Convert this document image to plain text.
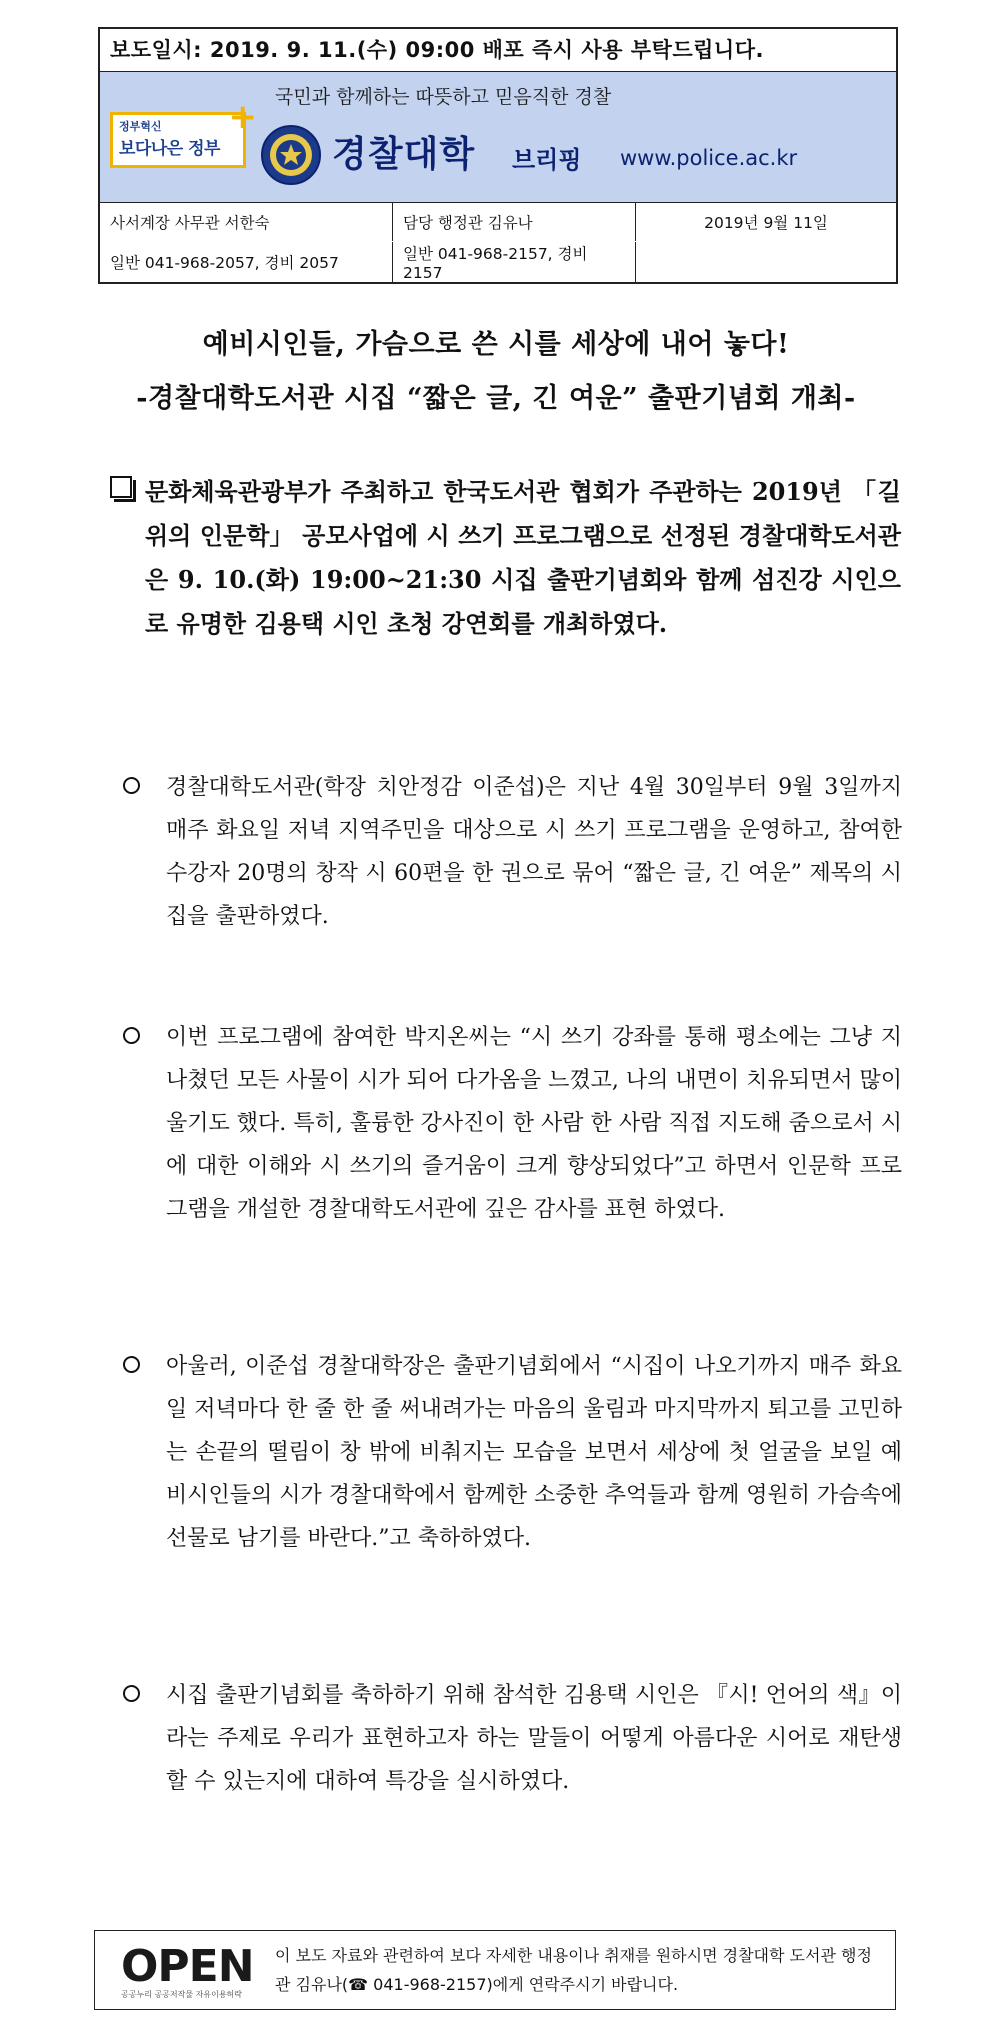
보도일시: 2019. 9. 11.(수) 09:00 배포 즉시 사용 부탁드립니다.
정부혁신
보다나은 정부
+ 국민과 함께하는 따뜻하고 믿음직한 경찰
경찰대학 브리핑 www.police.ac.kr
사서계장 사무관 서한숙	담당 행정관 김유나	2019년 9월 11일
일반 041-968-2057, 경비 2057	일반 041-968-2157, 경비 2157	
예비시인들, 가슴으로 쓴 시를 세상에 내어 놓다!
-경찰대학도서관 시집 “짧은 글, 긴 여운” 출판기념회 개최-
문화체육관광부가 주최하고 한국도서관 협회가 주관하는 2019년 「길 위의 인문학」 공모사업에 시 쓰기 프로그램으로 선정된 경찰대학도서관은 9. 10.(화) 19:00~21:30 시집 출판기념회와 함께 섬진강 시인으로 유명한 김용택 시인 초청 강연회를 개최하였다.
경찰대학도서관(학장 치안정감 이준섭)은 지난 4월 30일부터 9월 3일까지 매주 화요일 저녁 지역주민을 대상으로 시 쓰기 프로그램을 운영하고, 참여한 수강자 20명의 창작 시 60편을 한 권으로 묶어 “짧은 글, 긴 여운” 제목의 시집을 출판하였다.
이번 프로그램에 참여한 박지온씨는 “시 쓰기 강좌를 통해 평소에는 그냥 지나쳤던 모든 사물이 시가 되어 다가옴을 느꼈고, 나의 내면이 치유되면서 많이 울기도 했다. 특히, 훌륭한 강사진이 한 사람 한 사람 직접 지도해 줌으로서 시에 대한 이해와 시 쓰기의 즐거움이 크게 향상되었다”고 하면서 인문학 프로그램을 개설한 경찰대학도서관에 깊은 감사를 표현 하였다.
아울러, 이준섭 경찰대학장은 출판기념회에서 “시집이 나오기까지 매주 화요일 저녁마다 한 줄 한 줄 써내려가는 마음의 울림과 마지막까지 퇴고를 고민하는 손끝의 떨림이 창 밖에 비춰지는 모습을 보면서 세상에 첫 얼굴을 보일 예비시인들의 시가 경찰대학에서 함께한 소중한 추억들과 함께 영원히 가슴속에 선물로 남기를 바란다.”고 축하하였다.
시집 출판기념회를 축하하기 위해 참석한 김용택 시인은 『시! 언어의 색』이라는 주제로 우리가 표현하고자 하는 말들이 어떻게 아름다운 시어로 재탄생할 수 있는지에 대하여 특강을 실시하였다.
OPEN
공공누리 공공저작물 자유이용허락
이 보도 자료와 관련하여 보다 자세한 내용이나 취재를 원하시면 경찰대학 도서관 행정관 김유나(☎ 041-968-2157)에게 연락주시기 바랍니다.
